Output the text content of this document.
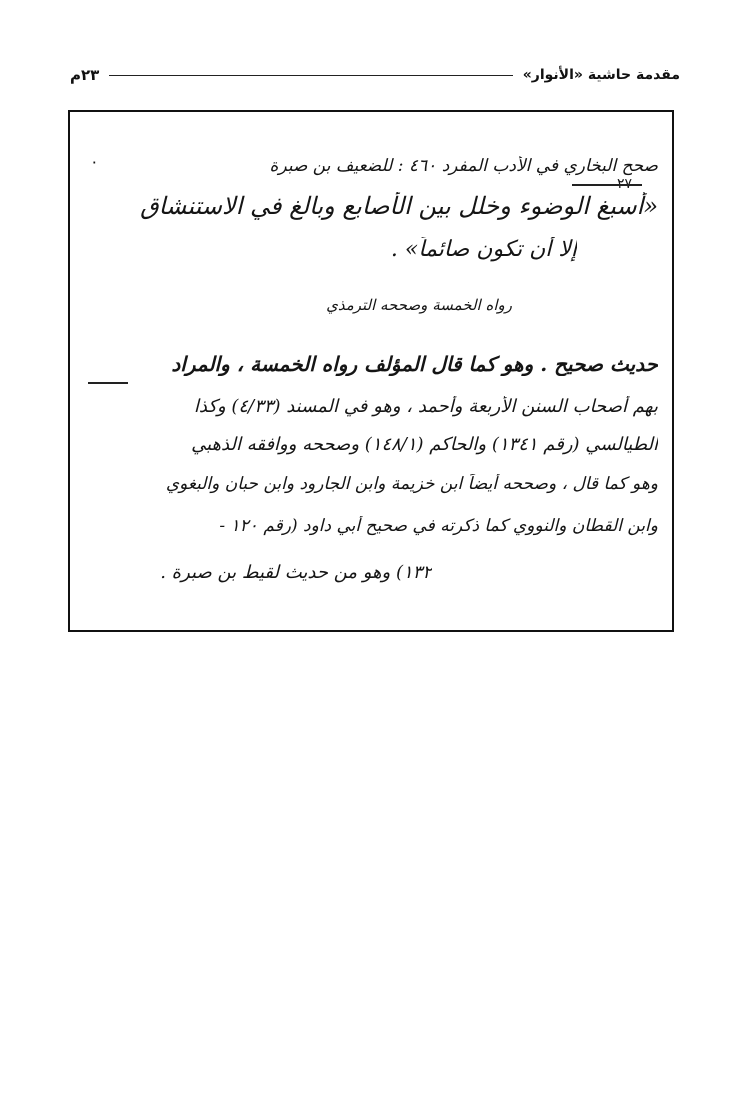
مقدمة حاشية «الأنوار»
٢٣م
٠	صحح البخاري في الأدب المفرد ٤٦٠ : للضعيف بن صبرة
«أسبغ الوضوء وخلل بين الأصابع وبالغ في الاستنشاق
إلا أن تكون صائماً» .
رواه الخمسة وصححه الترمذي
حديث صحيح . وهو كما قال المؤلف رواه الخمسة ، والمراد
بهم أصحاب السنن الأربعة وأحمد ، وهو في المسند (٤/٣٣) وكذا
الطيالسي (رقم ١٣٤١) والحاكم (١٤٨/١) وصححه ووافقه الذهبي
وهو كما قال ، وصححه أيضاً ابن خزيمة وابن الجارود وابن حبان والبغوي
وابن القطان والنووي كما ذكرته في صحيح أبي داود (رقم ١٢٠ -
١٣٢) وهو من حديث لقيط بن صبرة .
